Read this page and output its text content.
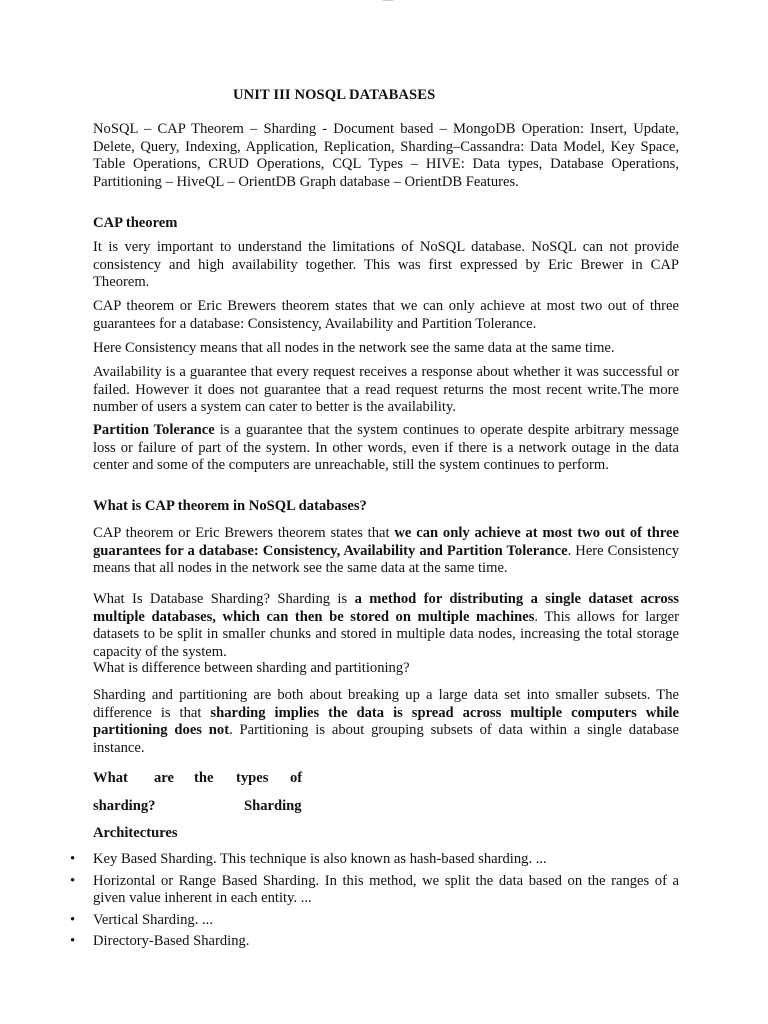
UNIT III NOSQL DATABASES
NoSQL – CAP Theorem – Sharding - Document based – MongoDB Operation: Insert, Update, Delete, Query, Indexing, Application, Replication, Sharding–Cassandra: Data Model, Key Space, Table Operations, CRUD Operations, CQL Types – HIVE: Data types, Database Operations, Partitioning – HiveQL – OrientDB Graph database – OrientDB Features.
CAP theorem
It is very important to understand the limitations of NoSQL database. NoSQL can not provide consistency and high availability together. This was first expressed by Eric Brewer in CAP Theorem.
CAP theorem or Eric Brewers theorem states that we can only achieve at most two out of three guarantees for a database: Consistency, Availability and Partition Tolerance.
Here Consistency means that all nodes in the network see the same data at the same time.
Availability is a guarantee that every request receives a response about whether it was successful or failed. However it does not guarantee that a read request returns the most recent write.The more number of users a system can cater to better is the availability.
Partition Tolerance is a guarantee that the system continues to operate despite arbitrary message loss or failure of part of the system. In other words, even if there is a network outage in the data center and some of the computers are unreachable, still the system continues to perform.
What is CAP theorem in NoSQL databases?
CAP theorem or Eric Brewers theorem states that we can only achieve at most two out of three guarantees for a database: Consistency, Availability and Partition Tolerance. Here Consistency means that all nodes in the network see the same data at the same time.
What Is Database Sharding? Sharding is a method for distributing a single dataset across multiple databases, which can then be stored on multiple machines. This allows for larger datasets to be split in smaller chunks and stored in multiple data nodes, increasing the total storage capacity of the system.
What is difference between sharding and partitioning?
Sharding and partitioning are both about breaking up a large data set into smaller subsets. The difference is that sharding implies the data is spread across multiple computers while partitioning does not. Partitioning is about grouping subsets of data within a single database instance.
What are the types of
sharding?	Sharding
Architectures
• Key Based Sharding. This technique is also known as hash-based sharding. ...
• Horizontal or Range Based Sharding. In this method, we split the data based on the ranges of a given value inherent in each entity. ...
• Vertical Sharding. ...
• Directory-Based Sharding.
